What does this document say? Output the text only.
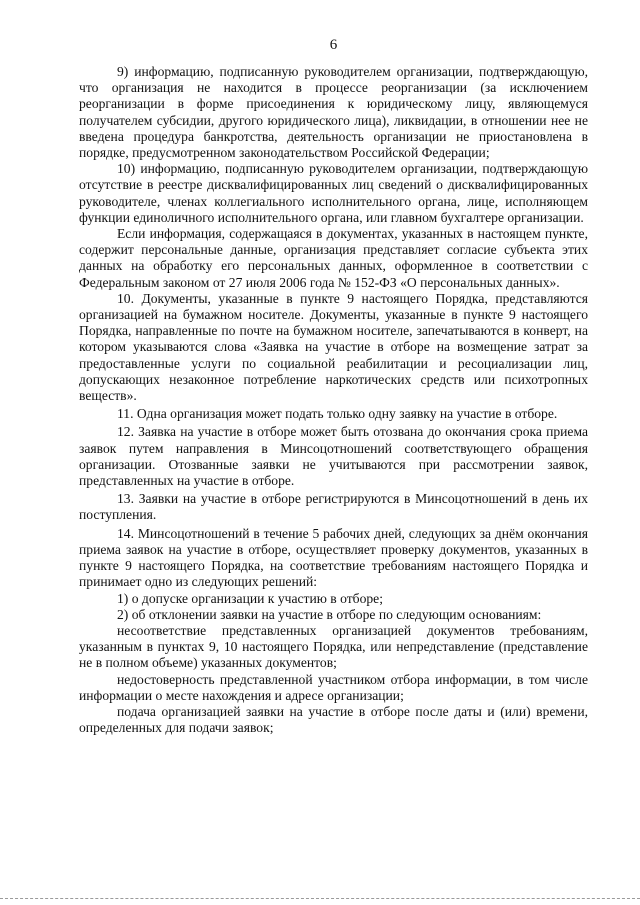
6

9) информацию, подписанную руководителем организации, подтверждающую, что организация не находится в процессе реорганизации (за исключением реорганизации в форме присоединения к юридическому лицу, являющемуся получателем субсидии, другого юридического лица), ликвидации, в отношении нее не введена процедура банкротства, деятельность организации не приостановлена в порядке, предусмотренном законодательством Российской Федерации;

10) информацию, подписанную руководителем организации, подтверждающую отсутствие в реестре дисквалифицированных лиц сведений о дисквалифицированных руководителе, членах коллегиального исполнительного органа, лице, исполняющем функции единоличного исполнительного органа, или главном бухгалтере организации.

Если информация, содержащаяся в документах, указанных в настоящем пункте, содержит персональные данные, организация представляет согласие субъекта этих данных на обработку его персональных данных, оформленное в соответствии с Федеральным законом от 27 июля 2006 года № 152-ФЗ «О персональных данных».

10. Документы, указанные в пункте 9 настоящего Порядка, представляются организацией на бумажном носителе. Документы, указанные в пункте 9 настоящего Порядка, направленные по почте на бумажном носителе, запечатываются в конверт, на котором указываются слова «Заявка на участие в отборе на возмещение затрат за предоставленные услуги по социальной реабилитации и ресоциализации лиц, допускающих незаконное потребление наркотических средств или психотропных веществ».

11. Одна организация может подать только одну заявку на участие в отборе.

12. Заявка на участие в отборе может быть отозвана до окончания срока приема заявок путем направления в Минсоцотношений соответствующего обращения организации. Отозванные заявки не учитываются при рассмотрении заявок, представленных на участие в отборе.

13. Заявки на участие в отборе регистрируются в Минсоцотношений в день их поступления.

14. Минсоцотношений в течение 5 рабочих дней, следующих за днём окончания приема заявок на участие в отборе, осуществляет проверку документов, указанных в пункте 9 настоящего Порядка, на соответствие требованиям настоящего Порядка и принимает одно из следующих решений:

1) о допуске организации к участию в отборе;

2) об отклонении заявки на участие в отборе по следующим основаниям:

несоответствие представленных организацией документов требованиям, указанным в пунктах 9, 10 настоящего Порядка, или непредставление (представление не в полном объеме) указанных документов;

недостоверность представленной участником отбора информации, в том числе информации о месте нахождения и адресе организации;

подача организацией заявки на участие в отборе после даты и (или) времени, определенных для подачи заявок;
